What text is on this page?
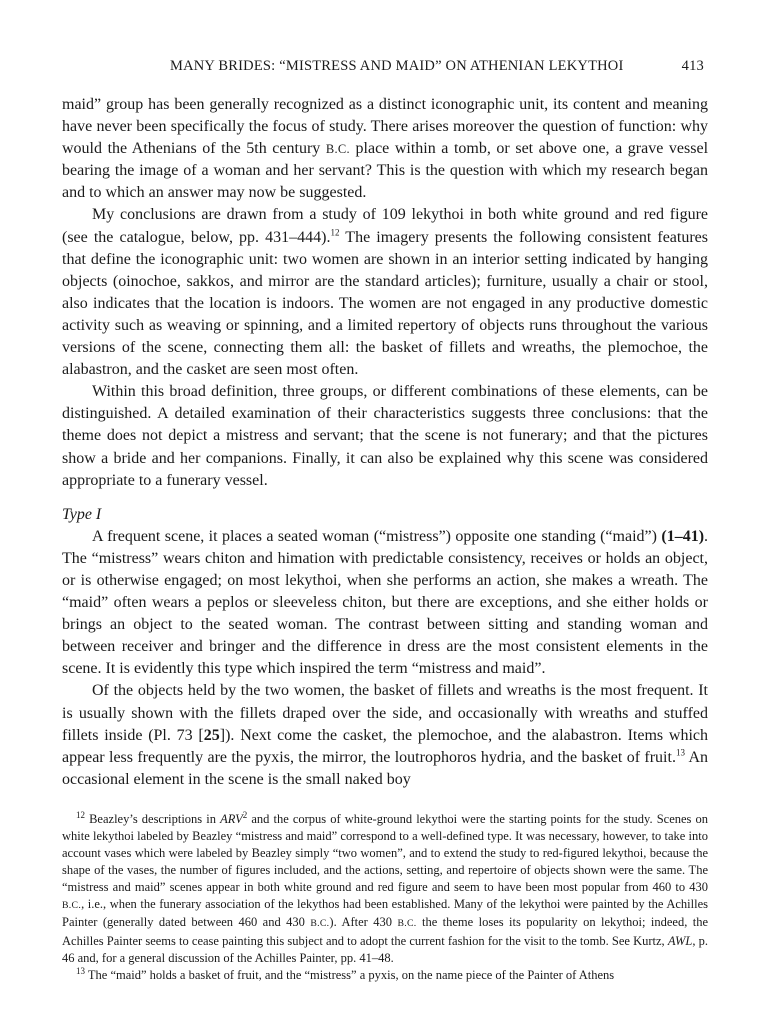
MANY BRIDES: “MISTRESS AND MAID” ON ATHENIAN LEKYTHOI	413

maid” group has been generally recognized as a distinct iconographic unit, its content and meaning have never been specifically the focus of study. There arises moreover the question of function: why would the Athenians of the 5th century B.C. place within a tomb, or set above one, a grave vessel bearing the image of a woman and her servant? This is the question with which my research began and to which an answer may now be suggested.

My conclusions are drawn from a study of 109 lekythoi in both white ground and red figure (see the catalogue, below, pp. 431–444).$^{12}$ The imagery presents the following consistent features that define the iconographic unit: two women are shown in an interior setting indicated by hanging objects (oinochoe, sakkos, and mirror are the standard articles); furniture, usually a chair or stool, also indicates that the location is indoors. The women are not engaged in any productive domestic activity such as weaving or spinning, and a limited repertory of objects runs throughout the various versions of the scene, connecting them all: the basket of fillets and wreaths, the plemochoe, the alabastron, and the casket are seen most often.

Within this broad definition, three groups, or different combinations of these elements, can be distinguished. A detailed examination of their characteristics suggests three conclusions: that the theme does not depict a mistress and servant; that the scene is not funerary; and that the pictures show a bride and her companions. Finally, it can also be explained why this scene was considered appropriate to a funerary vessel.

Type I

A frequent scene, it places a seated woman (“mistress”) opposite one standing (“maid”) (1–41). The “mistress” wears chiton and himation with predictable consistency, receives or holds an object, or is otherwise engaged; on most lekythoi, when she performs an action, she makes a wreath. The “maid” often wears a peplos or sleeveless chiton, but there are exceptions, and she either holds or brings an object to the seated woman. The contrast between sitting and standing woman and between receiver and bringer and the difference in dress are the most consistent elements in the scene. It is evidently this type which inspired the term “mistress and maid”.

Of the objects held by the two women, the basket of fillets and wreaths is the most frequent. It is usually shown with the fillets draped over the side, and occasionally with wreaths and stuffed fillets inside (Pl. 73 [25]). Next come the casket, the plemochoe, and the alabastron. Items which appear less frequently are the pyxis, the mirror, the loutrophoros hydria, and the basket of fruit.$^{13}$ An occasional element in the scene is the small naked boy

$^{12}$ Beazley’s descriptions in ARV$^2$ and the corpus of white-ground lekythoi were the starting points for the study. Scenes on white lekythoi labeled by Beazley “mistress and maid” correspond to a well-defined type. It was necessary, however, to take into account vases which were labeled by Beazley simply “two women”, and to extend the study to red-figured lekythoi, because the shape of the vases, the number of figures included, and the actions, setting, and repertoire of objects shown were the same. The “mistress and maid” scenes appear in both white ground and red figure and seem to have been most popular from 460 to 430 B.C., i.e., when the funerary association of the lekythos had been established. Many of the lekythoi were painted by the Achilles Painter (generally dated between 460 and 430 B.C.). After 430 B.C. the theme loses its popularity on lekythoi; indeed, the Achilles Painter seems to cease painting this subject and to adopt the current fashion for the visit to the tomb. See Kurtz, AWL, p. 46 and, for a general discussion of the Achilles Painter, pp. 41–48.

$^{13}$ The “maid” holds a basket of fruit, and the “mistress” a pyxis, on the name piece of the Painter of Athens
